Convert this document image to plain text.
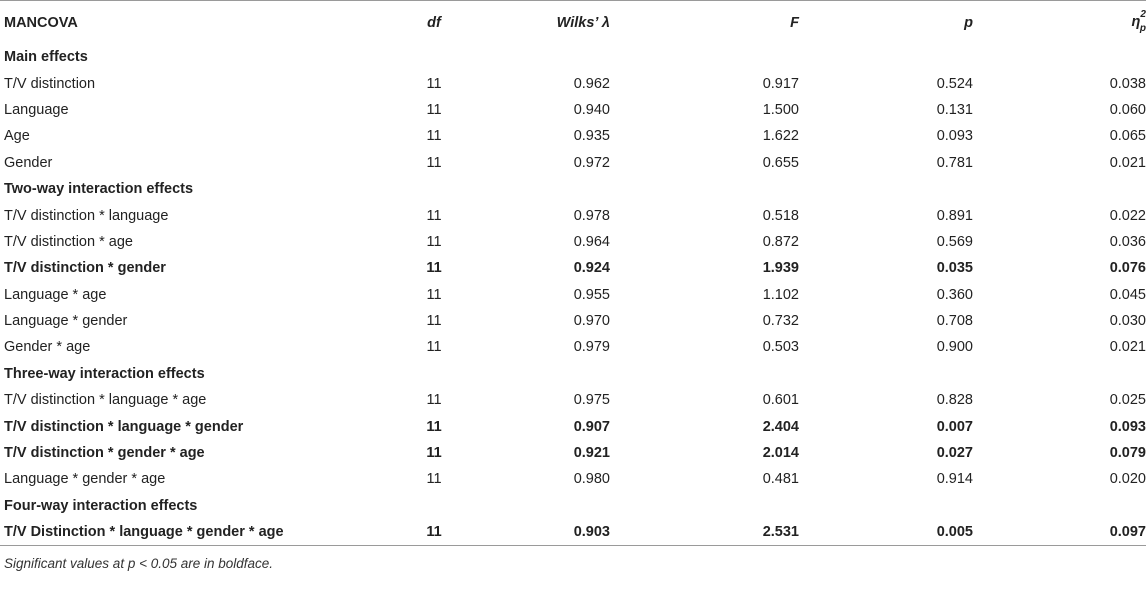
MANCOVA	df	Wilks’ λ	F	p	$\eta^2_p$
Main effects					
T/V distinction	11	0.962	0.917	0.524	0.038
Language	11	0.940	1.500	0.131	0.060
Age	11	0.935	1.622	0.093	0.065
Gender	11	0.972	0.655	0.781	0.021
Two-way interaction effects					
T/V distinction * language	11	0.978	0.518	0.891	0.022
T/V distinction * age	11	0.964	0.872	0.569	0.036
T/V distinction * gender	11	0.924	1.939	0.035	0.076
Language * age	11	0.955	1.102	0.360	0.045
Language * gender	11	0.970	0.732	0.708	0.030
Gender * age	11	0.979	0.503	0.900	0.021
Three-way interaction effects					
T/V distinction * language * age	11	0.975	0.601	0.828	0.025
T/V distinction * language * gender	11	0.907	2.404	0.007	0.093
T/V distinction * gender * age	11	0.921	2.014	0.027	0.079
Language * gender * age	11	0.980	0.481	0.914	0.020
Four-way interaction effects					
T/V Distinction * language * gender * age	11	0.903	2.531	0.005	0.097
Significant values at p < 0.05 are in boldface.
